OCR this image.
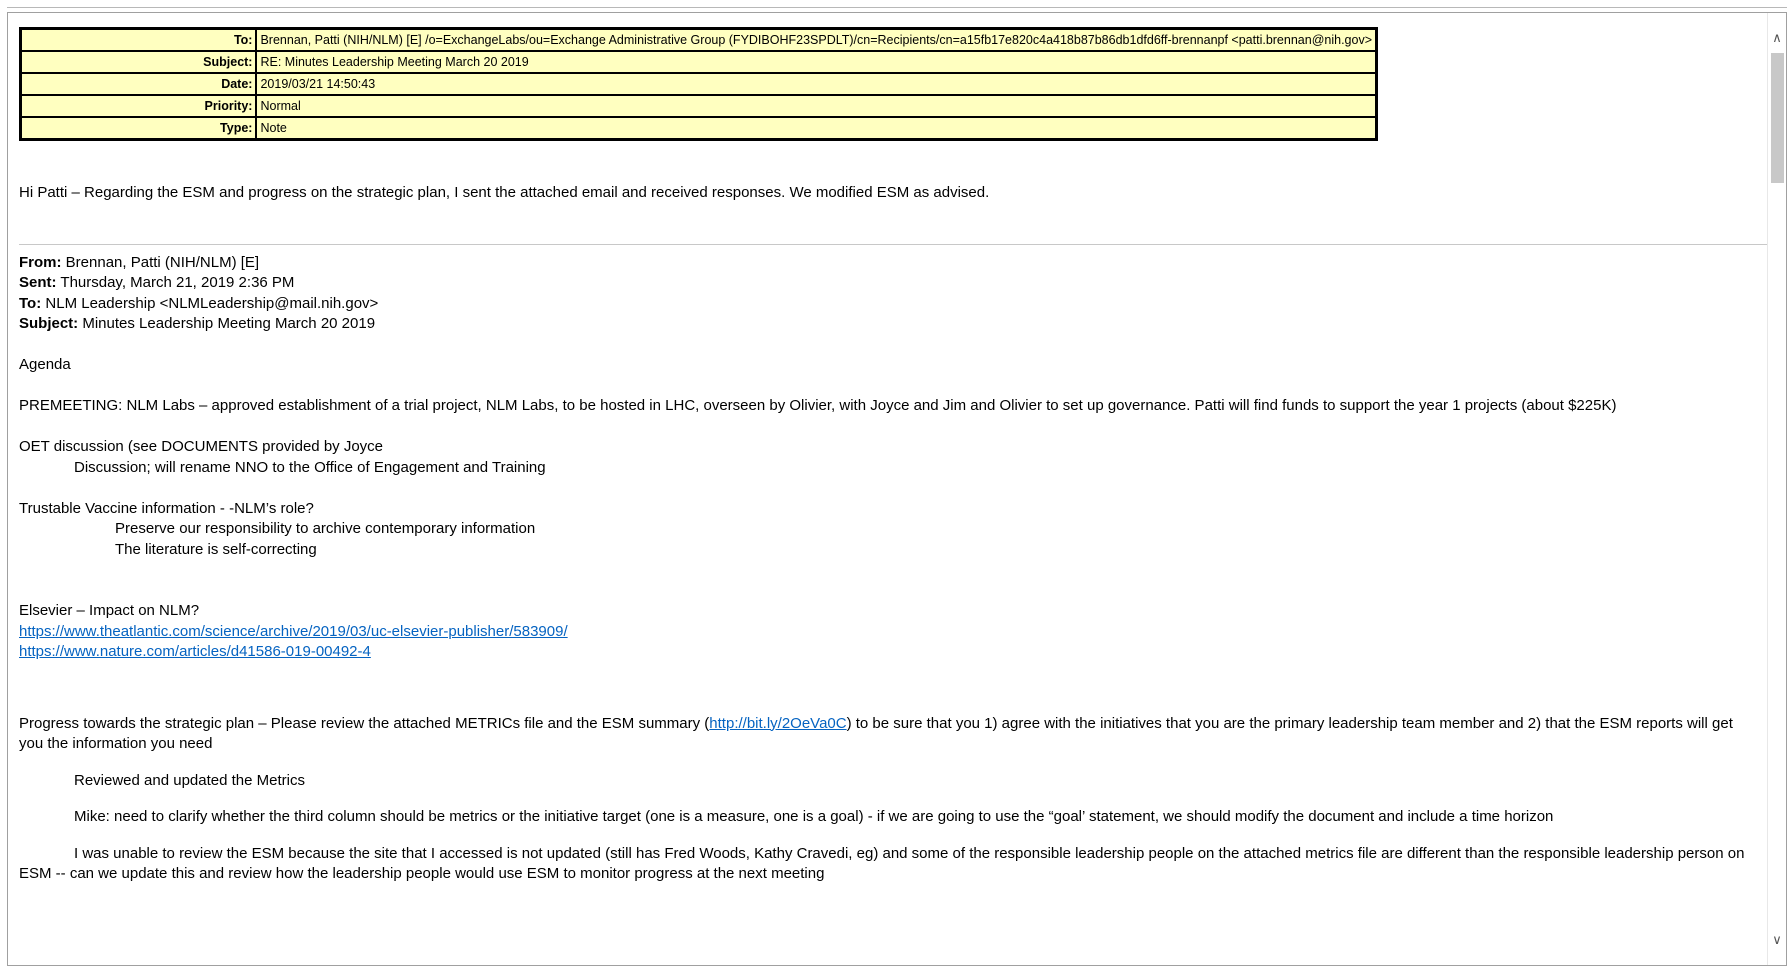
To:	Brennan, Patti (NIH/NLM) [E] /o=ExchangeLabs/ou=Exchange Administrative Group (FYDIBOHF23SPDLT)/cn=Recipients/cn=a15fb17e820c4a418b87b86db1dfd6ff-brennanpf <patti.brennan@nih.gov>
Subject:	RE: Minutes Leadership Meeting March 20 2019
Date:	2019/03/21 14:50:43
Priority:	Normal
Type:	Note

Hi Patti – Regarding the ESM and progress on the strategic plan, I sent the attached email and received responses. We modified ESM as advised.

From: Brennan, Patti (NIH/NLM) [E]

Sent: Thursday, March 21, 2019 2:36 PM

To: NLM Leadership <NLMLeadership@mail.nih.gov>

Subject: Minutes Leadership Meeting March 20 2019

Agenda

PREMEETING: NLM Labs – approved establishment of a trial project, NLM Labs, to be hosted in LHC, overseen by Olivier, with Joyce and Jim and Olivier to set up governance. Patti will find funds to support the year 1 projects (about $225K)

OET discussion (see DOCUMENTS provided by Joyce

Discussion; will rename NNO to the Office of Engagement and Training

Trustable Vaccine information - -NLM’s role?

Preserve our responsibility to archive contemporary information

The literature is self-correcting

Elsevier – Impact on NLM?

https://www.theatlantic.com/science/archive/2019/03/uc-elsevier-publisher/583909/

https://www.nature.com/articles/d41586-019-00492-4

Progress towards the strategic plan – Please review the attached METRICs file and the ESM summary (http://bit.ly/2OeVa0C) to be sure that you 1) agree with the initiatives that you are the primary leadership team member and 2) that the ESM reports will get you the information you need

Reviewed and updated the Metrics

Mike: need to clarify whether the third column should be metrics or the initiative target (one is a measure, one is a goal) - if we are going to use the “goal’ statement, we should modify the document and include a time horizon

I was unable to review the ESM because the site that I accessed is not updated (still has Fred Woods, Kathy Cravedi, eg) and some of the responsible leadership people on the attached metrics file are different than the responsible leadership person on ESM -- can we update this and review how the leadership people would use ESM to monitor progress at the next meeting

∧
∨
